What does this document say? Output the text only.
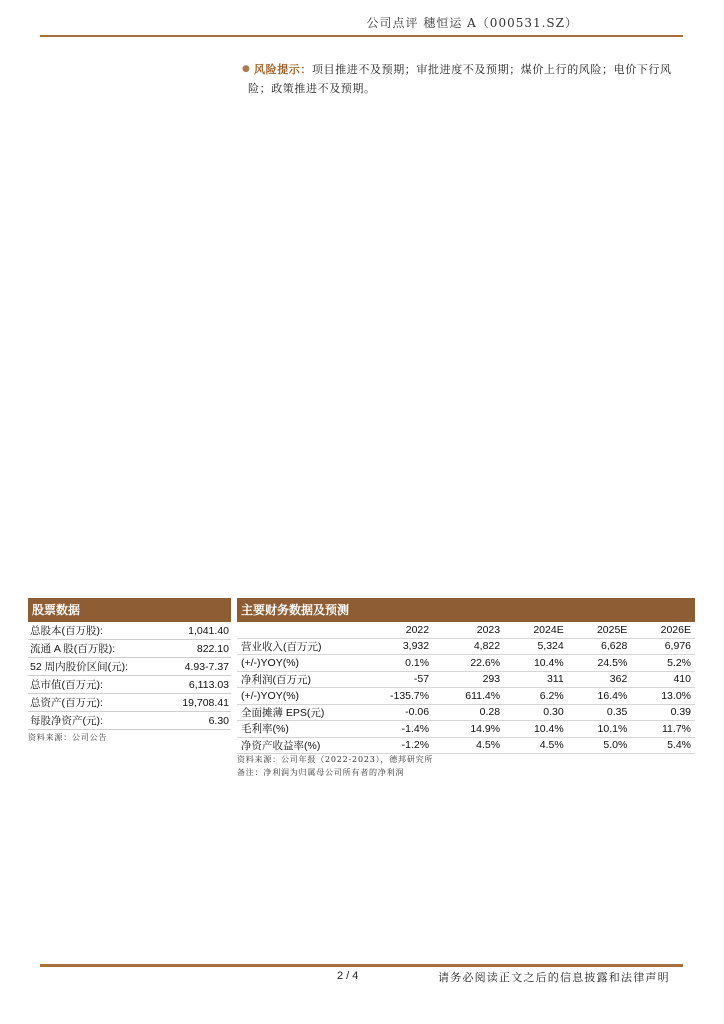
公司点评 穗恒运 A（000531.SZ）
● 风险提示：项目推进不及预期；审批进度不及预期；煤价上行的风险；电价下行风险；政策推进不及预期。
股票数据
总股本(百万股):	1,041.40
流通 A 股(百万股):	822.10
52 周内股价区间(元):	4.93-7.37
总市值(百万元):	6,113.03
总资产(百万元):	19,708.41
每股净资产(元):	6.30
资料来源：公司公告
主要财务数据及预测
	2022	2023	2024E	2025E	2026E
营业收入(百万元)	3,932	4,822	5,324	6,628	6,976
(+/-)YOY(%)	0.1%	22.6%	10.4%	24.5%	5.2%
净利润(百万元)	-57	293	311	362	410
(+/-)YOY(%)	-135.7%	611.4%	6.2%	16.4%	13.0%
全面摊薄 EPS(元)	-0.06	0.28	0.30	0.35	0.39
毛利率(%)	-1.4%	14.9%	10.4%	10.1%	11.7%
净资产收益率(%)	-1.2%	4.5%	4.5%	5.0%	5.4%
资料来源：公司年报（2022-2023），德邦研究所
备注：净利润为归属母公司所有者的净利润
2 / 4	请务必阅读正文之后的信息披露和法律声明
